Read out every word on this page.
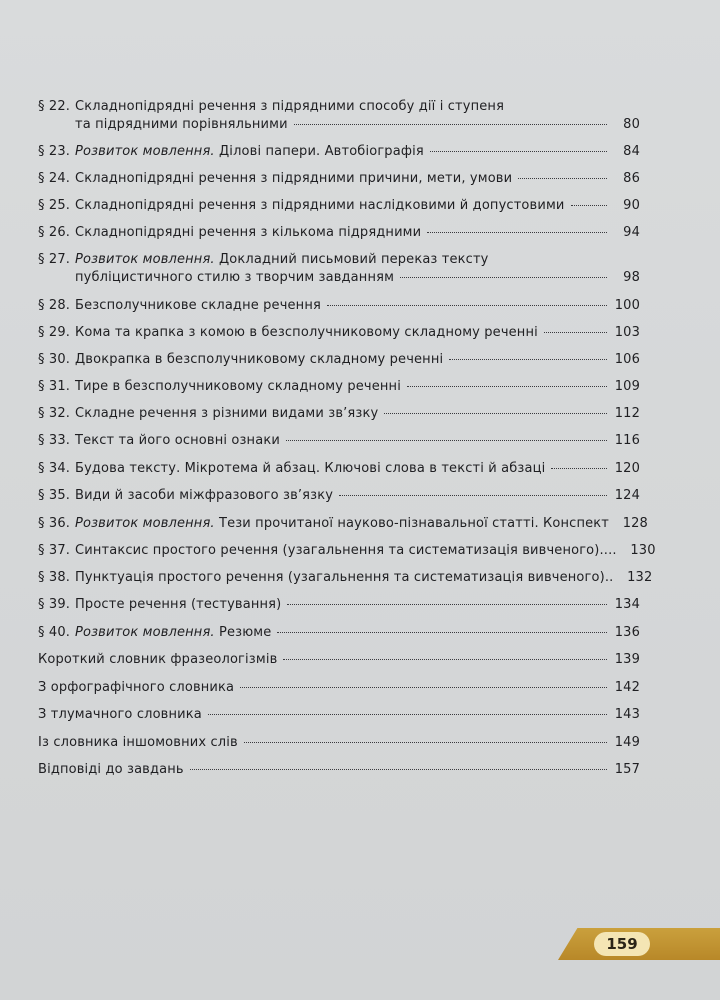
§ 22. Складнопідрядні речення з підрядними способу дії і ступеня
та підрядними порівняльними	80
§ 23. Розвиток мовлення. Ділові папери. Автобіографія	84
§ 24. Складнопідрядні речення з підрядними причини, мети, умови	86
§ 25. Складнопідрядні речення з підрядними наслідковими й допустовими	90
§ 26. Складнопідрядні речення з кількома підрядними	94
§ 27. Розвиток мовлення. Докладний письмовий переказ тексту
публіцистичного стилю з творчим завданням	98
§ 28. Безсполучникове складне речення	100
§ 29. Кома та крапка з комою в безсполучниковому складному реченні	103
§ 30. Двокрапка в безсполучниковому складному реченні	106
§ 31. Тире в безсполучниковому складному реченні	109
§ 32. Складне речення з різними видами зв’язку	112
§ 33. Текст та його основні ознаки	116
§ 34. Будова тексту. Мікротема й абзац. Ключові слова в тексті й абзаці	120
§ 35. Види й засоби міжфразового зв’язку	124
§ 36. Розвиток мовлення. Тези прочитаної науково-пізнавальної статті. Конспект	128
§ 37. Синтаксис простого речення (узагальнення та систематизація вивченого)....	130
§ 38. Пунктуація простого речення (узагальнення та систематизація вивченого)..	132
§ 39. Просте речення (тестування)	134
§ 40. Розвиток мовлення. Резюме	136
Короткий словник фразеологізмів	139
З орфографічного словника	142
З тлумачного словника	143
Із словника іншомовних слів	149
Відповіді до завдань	157
159
